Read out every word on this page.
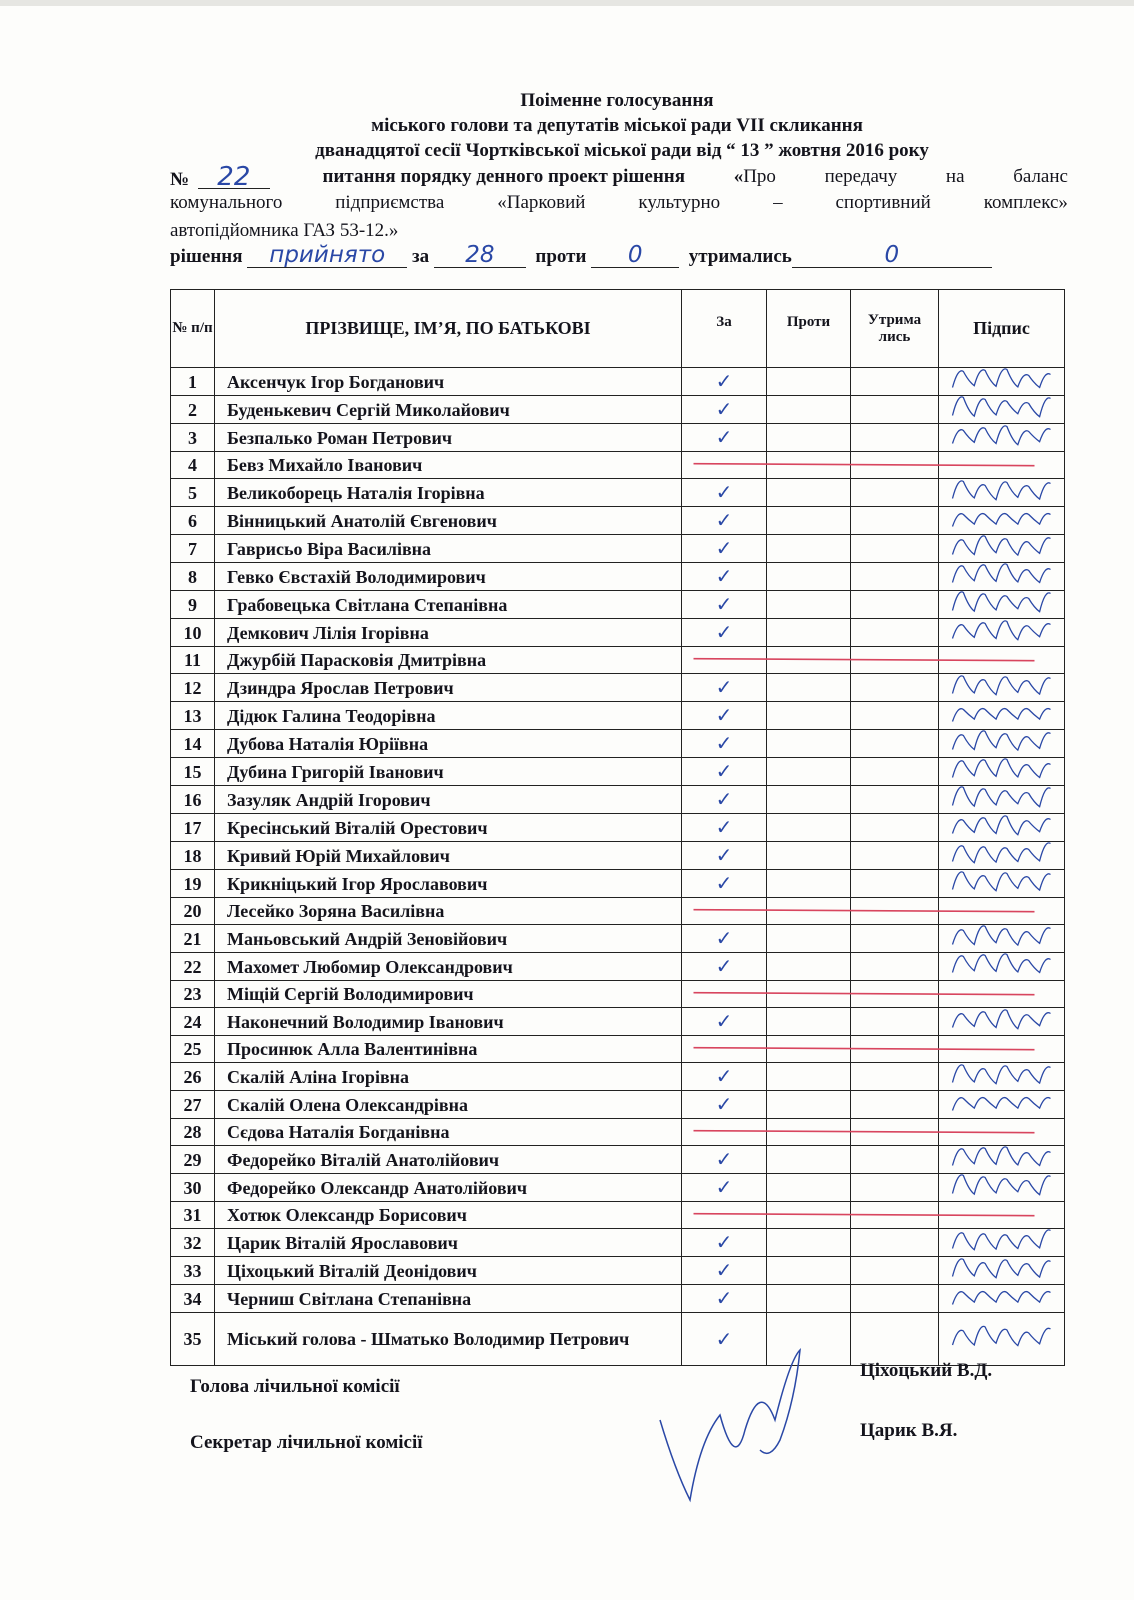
Поіменне голосування
міського голови та депутатів міської ради VII скликання
дванадцятої сесії Чортківської міської ради від “ 13 ” жовтня 2016 року
№ 22	питання порядку денного проект рішення	«Про	передачу	на	баланс
комунального	підприємства	«Парковий	культурно	–	спортивний	комплекс»
автопідйомника ГАЗ 53-12.»
рішення прийнято за 28 проти 0 утримались	0
№ п/п	ПРІЗВИЩЕ, ІМ’Я, ПО БАТЬКОВІ	За	Проти	Утрима лись	Підпис
1	Аксенчук Ігор Богданович	✓			
2	Буденькевич Сергій Миколайович	✓			
3	Безпалько Роман Петрович	✓			
4	Бевз Михайло Іванович				
5	Великоборець Наталія Ігорівна	✓			
6	Вінницький Анатолій Євгенович	✓			
7	Гаврисьо Віра Василівна	✓			
8	Гевко Євстахій Володимирович	✓			
9	Грабовецька Світлана Степанівна	✓			
10	Демкович Лілія Ігорівна	✓			
11	Джурбій Парасковія Дмитрівна				
12	Дзиндра Ярослав Петрович	✓			
13	Дідюк Галина Теодорівна	✓			
14	Дубова Наталія Юріївна	✓			
15	Дубина Григорій Іванович	✓			
16	Зазуляк Андрій Ігорович	✓			
17	Кресінський Віталій Орестович	✓			
18	Кривий Юрій Михайлович	✓			
19	Крикніцький Ігор Ярославович	✓			
20	Лесейко Зоряна Василівна				
21	Маньовський Андрій Зеновійович	✓			
22	Махомет Любомир Олександрович	✓			
23	Міщій Сергій Володимирович				
24	Наконечний Володимир Іванович	✓			
25	Просинюк Алла Валентинівна				
26	Скалій Аліна Ігорівна	✓			
27	Скалій Олена Олександрівна	✓			
28	Сєдова Наталія Богданівна				
29	Федорейко Віталій Анатолійович	✓			
30	Федорейко Олександр Анатолійович	✓			
31	Хотюк Олександр Борисович				
32	Царик Віталій Ярославович	✓			
33	Ціхоцький Віталій Деонідович	✓			
34	Черниш Світлана Степанівна	✓			
35	Міський голова - Шматько Володимир Петрович	✓			
Голова лічильної комісії
Ціхоцький В.Д.
Секретар лічильної комісії
Царик В.Я.
